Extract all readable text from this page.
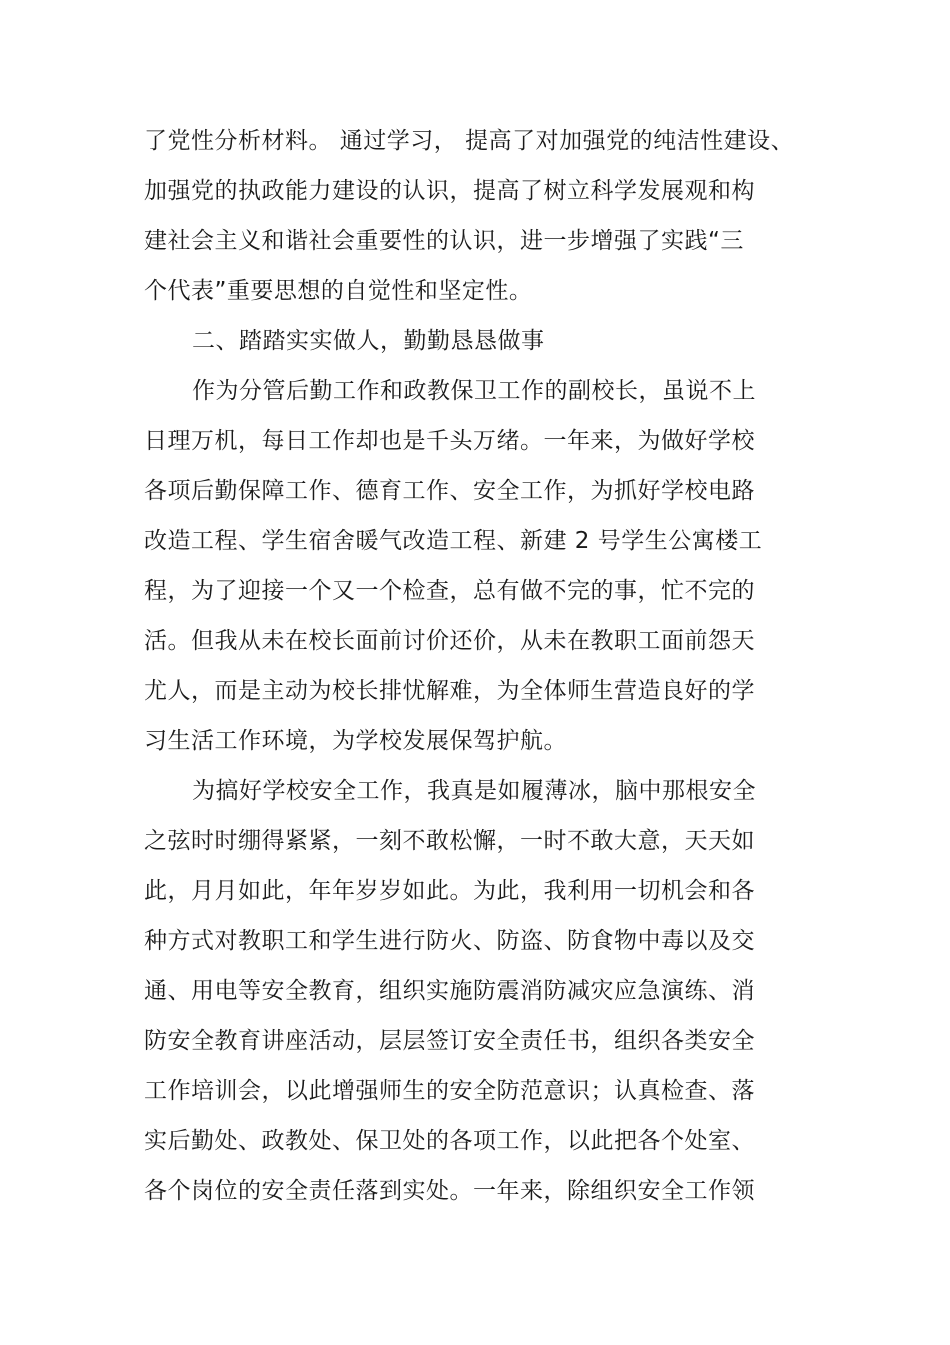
了党性分析材料。 通过学习， 提高了对加强党的纯洁性建设、
加强党的执政能力建设的认识，提高了树立科学发展观和构
建社会主义和谐社会重要性的认识，进一步增强了实践“三
个代表”重要思想的自觉性和坚定性。
二、踏踏实实做人，勤勤恳恳做事
作为分管后勤工作和政教保卫工作的副校长，虽说不上
日理万机，每日工作却也是千头万绪。一年来，为做好学校
各项后勤保障工作、德育工作、安全工作，为抓好学校电路
改造工程、学生宿舍暖气改造工程、新建 2 号学生公寓楼工
程，为了迎接一个又一个检查，总有做不完的事，忙不完的
活。但我从未在校长面前讨价还价，从未在教职工面前怨天
尤人，而是主动为校长排忧解难，为全体师生营造良好的学
习生活工作环境，为学校发展保驾护航。
为搞好学校安全工作，我真是如履薄冰，脑中那根安全
之弦时时绷得紧紧，一刻不敢松懈，一时不敢大意，天天如
此，月月如此，年年岁岁如此。为此，我利用一切机会和各
种方式对教职工和学生进行防火、防盗、防食物中毒以及交
通、用电等安全教育，组织实施防震消防减灾应急演练、消
防安全教育讲座活动，层层签订安全责任书，组织各类安全
工作培训会，以此增强师生的安全防范意识；认真检查、落
实后勤处、政教处、保卫处的各项工作，以此把各个处室、
各个岗位的安全责任落到实处。一年来，除组织安全工作领
